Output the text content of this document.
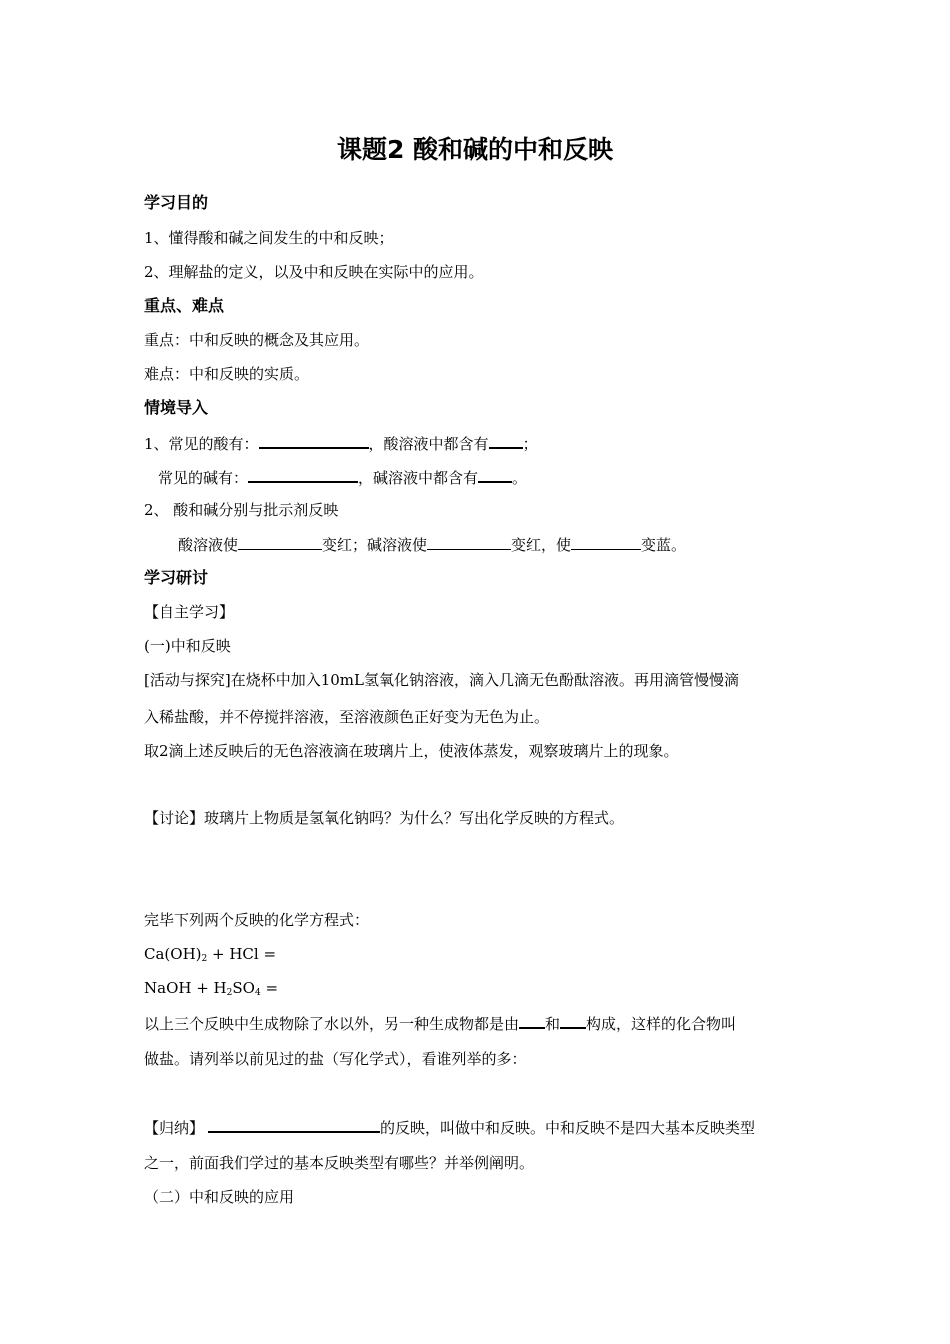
课题2 酸和碱的中和反映
学习目的
1、懂得酸和碱之间发生的中和反映；
2、理解盐的定义，以及中和反映在实际中的应用。
重点、难点
重点：中和反映的概念及其应用。
难点：中和反映的实质。
情境导入
1、常见的酸有：	，酸溶液中都含有 ；
常见的碱有：	，碱溶液中都含有 。
2、 酸和碱分别与批示剂反映
酸溶液使	变红；碱溶液使	变红，使	变蓝。
学习研讨
【自主学习】
(一)中和反映
[活动与探究]在烧杯中加入10mL氢氧化钠溶液，滴入几滴无色酚酞溶液。再用滴管慢慢滴
入稀盐酸，并不停搅拌溶液，至溶液颜色正好变为无色为止。
取2滴上述反映后的无色溶液滴在玻璃片上，使液体蒸发，观察玻璃片上的现象。
【讨论】玻璃片上物质是氢氧化钠吗？为什么？写出化学反映的方程式。
完毕下列两个反映的化学方程式：
$Ca(OH)_2$ + HCl =
NaOH + $H_2SO_4$ =
以上三个反映中生成物除了水以外，另一种生成物都是由 和 构成，这样的化合物叫
做盐。请列举以前见过的盐（写化学式），看谁列举的多：
【归纳】	的反映，叫做中和反映。中和反映不是四大基本反映类型
之一，前面我们学过的基本反映类型有哪些？并举例阐明。
（二）中和反映的应用
